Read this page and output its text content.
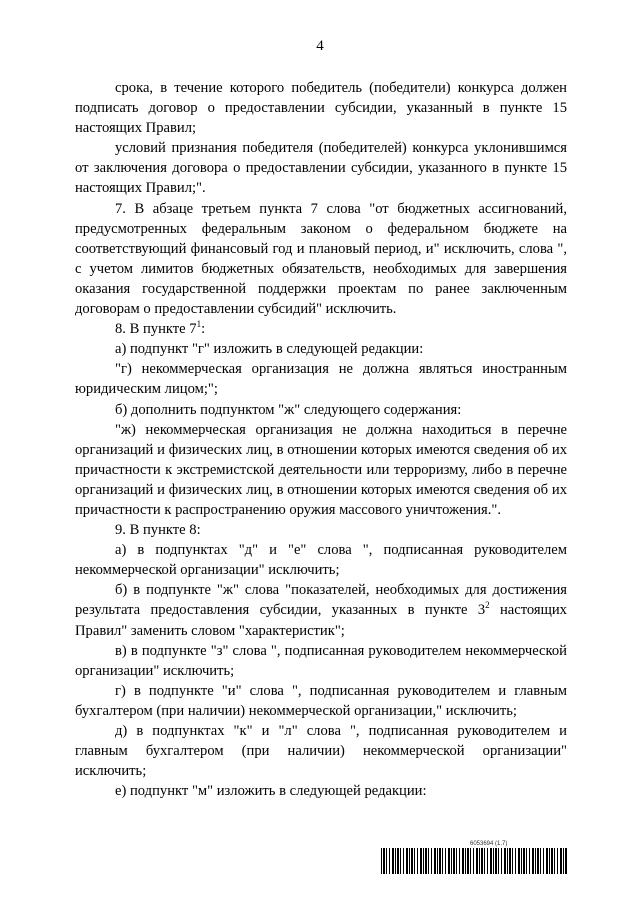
4

срока, в течение которого победитель (победители) конкурса должен подписать договор о предоставлении субсидии, указанный в пункте 15 настоящих Правил;

условий признания победителя (победителей) конкурса уклонившимся от заключения договора о предоставлении субсидии, указанного в пункте 15 настоящих Правил;".

7. В абзаце третьем пункта 7 слова "от бюджетных ассигнований, предусмотренных федеральным законом о федеральном бюджете на соответствующий финансовый год и плановый период, и" исключить, слова ", с учетом лимитов бюджетных обязательств, необходимых для завершения оказания государственной поддержки проектам по ранее заключенным договорам о предоставлении субсидий" исключить.

8. В пункте $7^1$:

а) подпункт "г" изложить в следующей редакции:

"г) некоммерческая организация не должна являться иностранным юридическим лицом;";

б) дополнить подпунктом "ж" следующего содержания:

"ж) некоммерческая организация не должна находиться в перечне организаций и физических лиц, в отношении которых имеются сведения об их причастности к экстремистской деятельности или терроризму, либо в перечне организаций и физических лиц, в отношении которых имеются сведения об их причастности к распространению оружия массового уничтожения.".

9. В пункте 8:

а) в подпунктах "д" и "е" слова ", подписанная руководителем некоммерческой организации" исключить;

б) в подпункте "ж" слова "показателей, необходимых для достижения результата предоставления субсидии, указанных в пункте $3^2$ настоящих Правил" заменить словом "характеристик";

в) в подпункте "з" слова ", подписанная руководителем некоммерческой организации" исключить;

г) в подпункте "и" слова ", подписанная руководителем и главным бухгалтером (при наличии) некоммерческой организации," исключить;

д) в подпунктах "к" и "л" слова ", подписанная руководителем и главным бухгалтером (при наличии) некоммерческой организации" исключить;

е) подпункт "м" изложить в следующей редакции:

6053694 (1.7)
